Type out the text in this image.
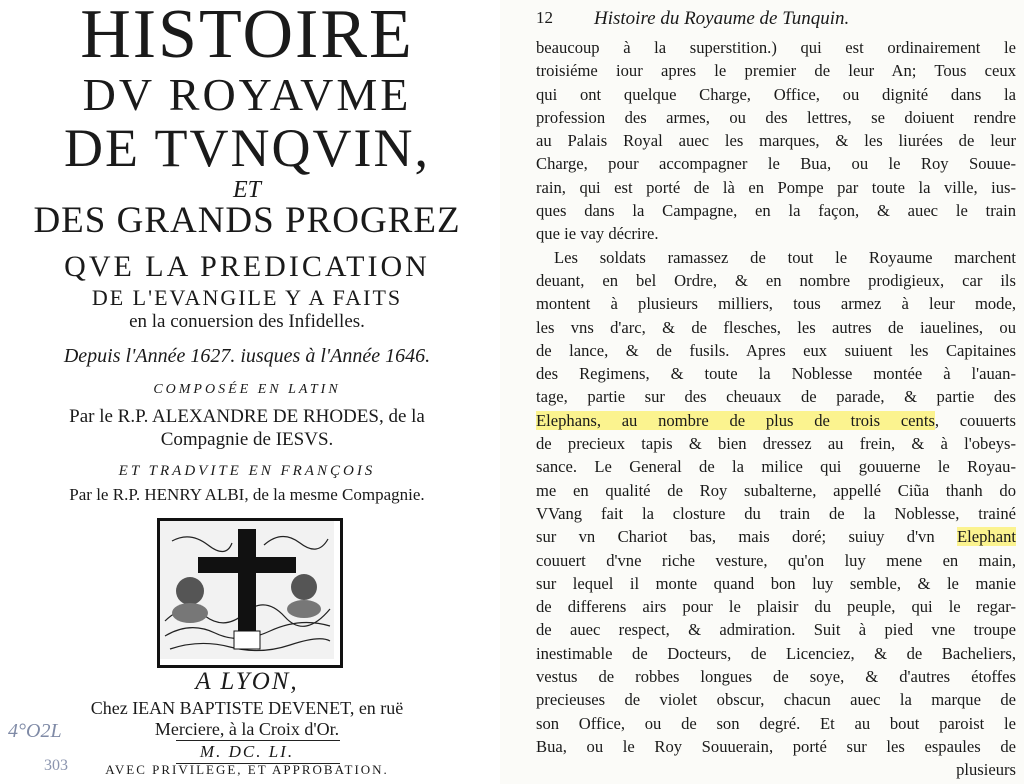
HISTOIRE
DV ROYAVME
DE TVNQVIN,
ET
DES GRANDS PROGREZ
QVE LA PREDICATION
DE L'EVANGILE Y A FAITS
en la conuersion des Infidelles.
Depuis l'Année 1627. iusques à l'Année 1646.
COMPOSÉE EN LATIN
Par le R.P. ALEXANDRE DE RHODES, de la
Compagnie de IESVS.
ET TRADVITE EN FRANÇOIS
Par le R.P. HENRY ALBI, de la mesme Compagnie.
A LYON,
Chez IEAN BAPTISTE DEVENET, en ruë
Merciere, à la Croix d'Or.
M. DC. LI.
AVEC PRIVILEGE, ET APPROBATION.
4°O2L
303
12 Histoire du Royaume de Tunquin.
beaucoup à la superstition.) qui est ordinairement le
troisiéme iour apres le premier de leur An; Tous ceux
qui ont quelque Charge, Office, ou dignité dans la
profession des armes, ou des lettres, se doiuent rendre
au Palais Royal auec les marques, & les liurées de leur
Charge, pour accompagner le Bua, ou le Roy Souue-
rain, qui est porté de là en Pompe par toute la ville, ius-
ques dans la Campagne, en la façon, & auec le train
que ie vay décrire.
Les soldats ramassez de tout le Royaume marchent
deuant, en bel Ordre, & en nombre prodigieux, car ils
montent à plusieurs milliers, tous armez à leur mode,
les vns d'arc, & de flesches, les autres de iauelines, ou
de lance, & de fusils. Apres eux suiuent les Capitaines
des Regimens, & toute la Noblesse montée à l'auan-
tage, partie sur des cheuaux de parade, & partie des
Elephans, au nombre de plus de trois cents, couuerts
de precieux tapis & bien dressez au frein, & à l'obeys-
sance. Le General de la milice qui gouuerne le Royau-
me en qualité de Roy subalterne, appellé Ciũa thanh do
VVang fait la closture du train de la Noblesse, trainé
sur vn Chariot bas, mais doré; suiuy d'vn Elephant
couuert d'vne riche vesture, qu'on luy mene en main,
sur lequel il monte quand bon luy semble, & le manie
de differens airs pour le plaisir du peuple, qui le regar-
de auec respect, & admiration. Suit à pied vne troupe
inestimable de Docteurs, de Licenciez, & de Bacheliers,
vestus de robbes longues de soye, & d'autres étoffes
precieuses de violet obscur, chacun auec la marque de
son Office, ou de son degré. Et au bout paroist le
Bua, ou le Roy Souuerain, porté sur les espaules de
plusieurs
